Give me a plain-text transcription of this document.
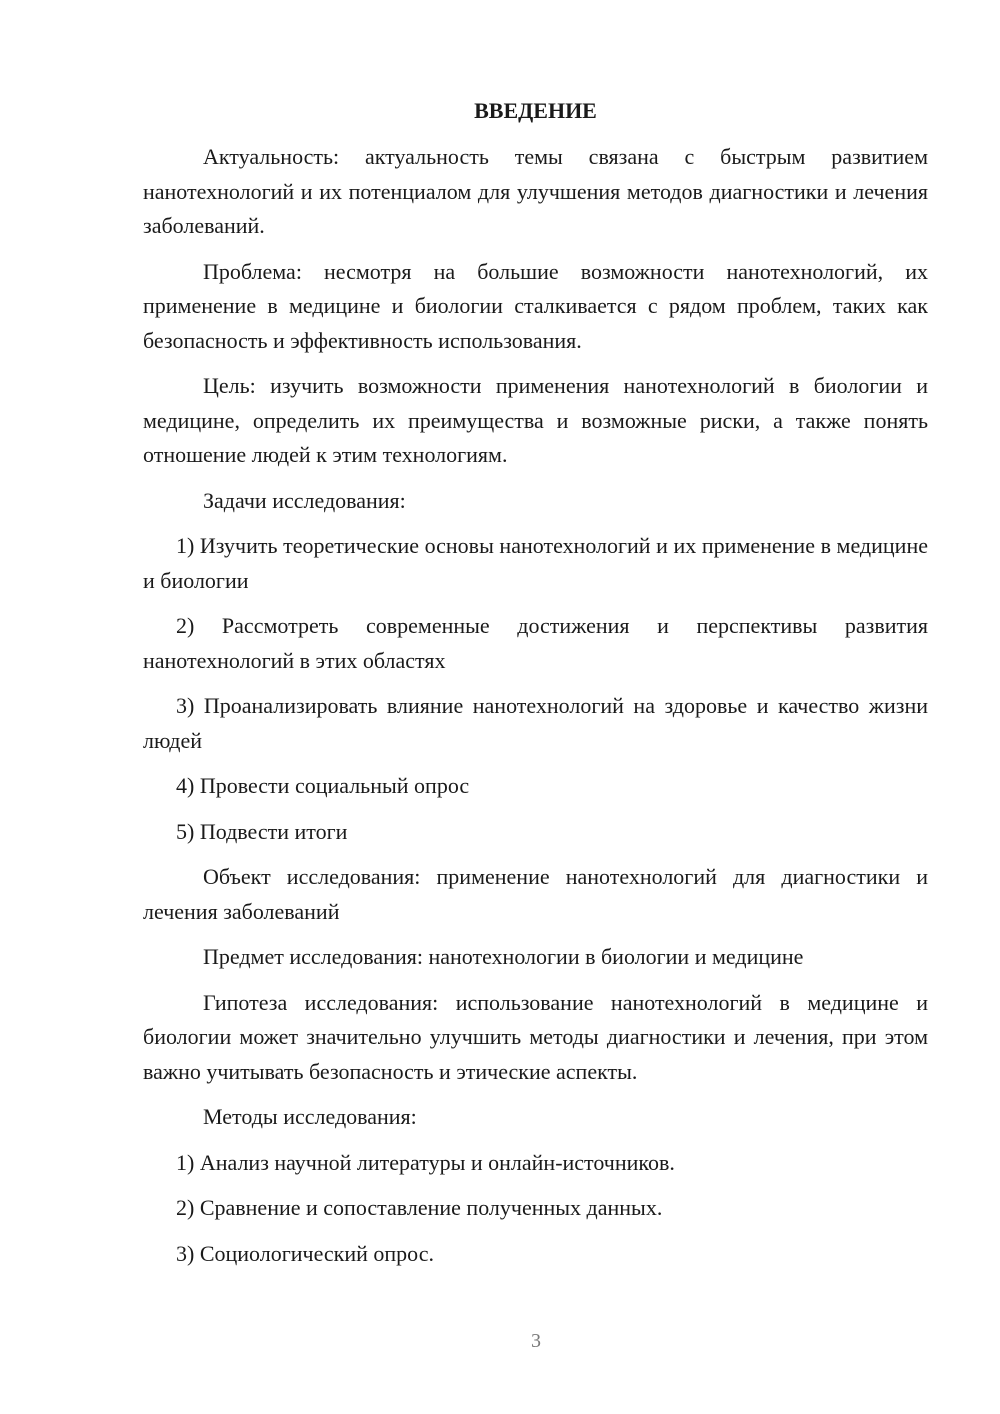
ВВЕДЕНИЕ

Актуальность: актуальность темы связана с быстрым развитием нанотехнологий и их потенциалом для улучшения методов диагностики и лечения заболеваний.

Проблема: несмотря на большие возможности нанотехнологий, их применение в медицине и биологии сталкивается с рядом проблем, таких как безопасность и эффективность использования.

Цель: изучить возможности применения нанотехнологий в биологии и медицине, определить их преимущества и возможные риски, а также понять отношение людей к этим технологиям.

Задачи исследования:

1) Изучить теоретические основы нанотехнологий и их применение в медицине и биологии

2) Рассмотреть современные достижения и перспективы развития нанотехнологий в этих областях

3) Проанализировать влияние нанотехнологий на здоровье и качество жизни людей

4) Провести социальный опрос

5) Подвести итоги

Объект исследования: применение нанотехнологий для диагностики и лечения заболеваний

Предмет исследования: нанотехнологии в биологии и медицине

Гипотеза исследования: использование нанотехнологий в медицине и биологии может значительно улучшить методы диагностики и лечения, при этом важно учитывать безопасность и этические аспекты.

Методы исследования:

1) Анализ научной литературы и онлайн-источников.

2) Сравнение и сопоставление полученных данных.

3) Социологический опрос.

3
